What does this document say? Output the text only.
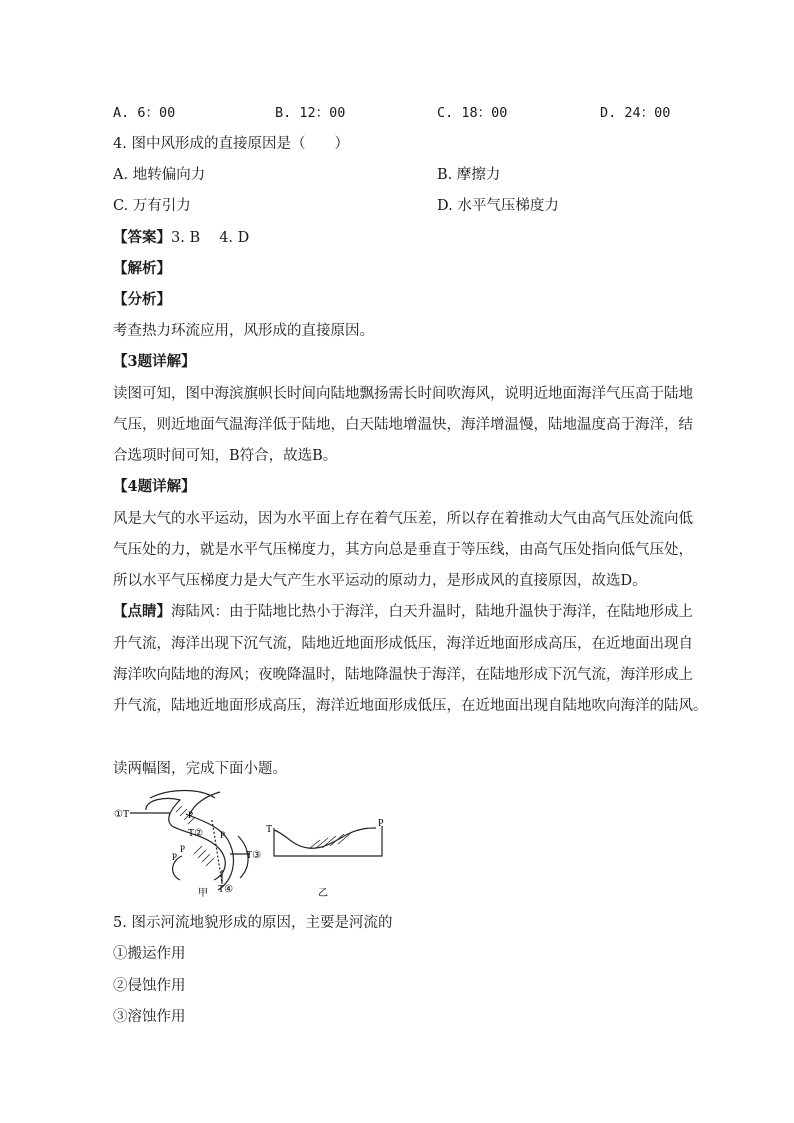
A. 6：00	B. 12：00	C. 18：00	D. 24：00
4. 图中风形成的直接原因是（　　）
A. 地转偏向力	B. 摩擦力
C. 万有引力	D. 水平气压梯度力
【答案】3. B　 4. D
【解析】
【分析】
考查热力环流应用，风形成的直接原因。
【3题详解】
读图可知，图中海滨旗帜长时间向陆地飘扬需长时间吹海风，说明近地面海洋气压高于陆地
气压，则近地面气温海洋低于陆地，白天陆地增温快，海洋增温慢，陆地温度高于海洋，结
合选项时间可知，B符合，故选B。
【4题详解】
风是大气的水平运动，因为水平面上存在着气压差，所以存在着推动大气由高气压处流向低
气压处的力，就是水平气压梯度力，其方向总是垂直于等压线，由高气压处指向低气压处，
所以水平气压梯度力是大气产生水平运动的原动力，是形成风的直接原因，故选D。
【点睛】海陆风：由于陆地比热小于海洋，白天升温时，陆地升温快于海洋，在陆地形成上
升气流，海洋出现下沉气流，陆地近地面形成低压，海洋近地面形成高压，在近地面出现自
海洋吹向陆地的海风；夜晚降温时，陆地降温快于海洋，在陆地形成下沉气流，海洋形成上
升气流，陆地近地面形成高压，海洋近地面形成低压，在近地面出现自陆地吹向海洋的陆风。
读两幅图，完成下面小题。
①T
T②
T③
T④
P
P
P
P
甲
T
P
乙
5. 图示河流地貌形成的原因，主要是河流的
①搬运作用
②侵蚀作用
③溶蚀作用
